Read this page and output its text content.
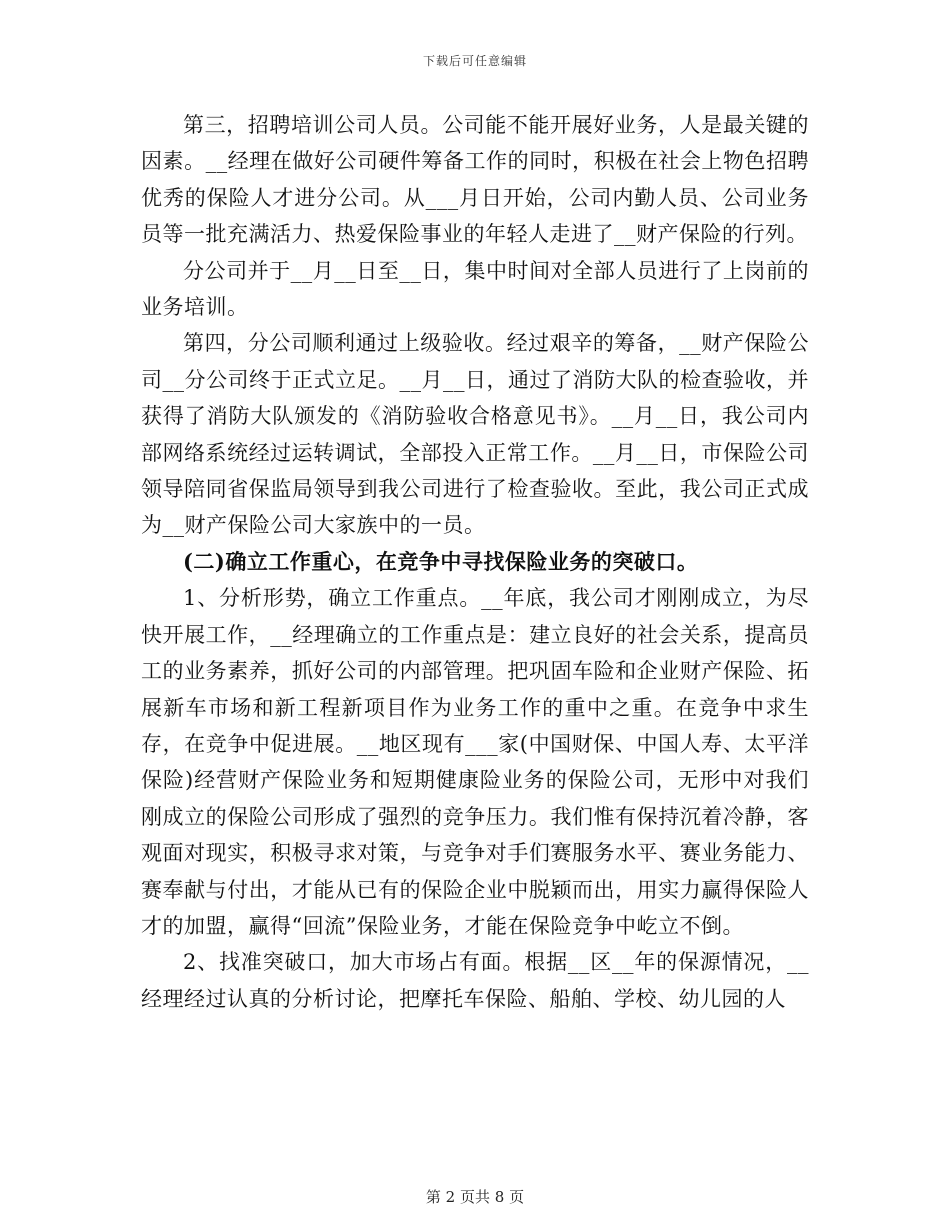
下载后可任意编辑

第三，招聘培训公司人员。公司能不能开展好业务，人是最关键的因素。__经理在做好公司硬件筹备工作的同时，积极在社会上物色招聘优秀的保险人才进分公司。从___月日开始，公司内勤人员、公司业务员等一批充满活力、热爱保险事业的年轻人走进了__财产保险的行列。

分公司并于__月__日至__日，集中时间对全部人员进行了上岗前的业务培训。

第四，分公司顺利通过上级验收。经过艰辛的筹备，__财产保险公司__分公司终于正式立足。__月__日，通过了消防大队的检查验收，并获得了消防大队颁发的《消防验收合格意见书》。__月__日，我公司内部网络系统经过运转调试，全部投入正常工作。__月__日，市保险公司领导陪同省保监局领导到我公司进行了检查验收。至此，我公司正式成为__财产保险公司大家族中的一员。

(二)确立工作重心，在竞争中寻找保险业务的突破口。

1、分析形势，确立工作重点。__年底，我公司才刚刚成立，为尽快开展工作，__经理确立的工作重点是：建立良好的社会关系，提高员工的业务素养，抓好公司的内部管理。把巩固车险和企业财产保险、拓展新车市场和新工程新项目作为业务工作的重中之重。在竞争中求生存，在竞争中促进展。__地区现有___家(中国财保、中国人寿、太平洋保险)经营财产保险业务和短期健康险业务的保险公司，无形中对我们刚成立的保险公司形成了强烈的竞争压力。我们惟有保持沉着冷静，客观面对现实，积极寻求对策，与竞争对手们赛服务水平、赛业务能力、赛奉献与付出，才能从已有的保险企业中脱颖而出，用实力赢得保险人才的加盟，赢得“回流”保险业务，才能在保险竞争中屹立不倒。

2、找准突破口，加大市场占有面。根据__区__年的保源情况，__经理经过认真的分析讨论，把摩托车保险、船舶、学校、幼儿园的人

第 2 页共 8 页
